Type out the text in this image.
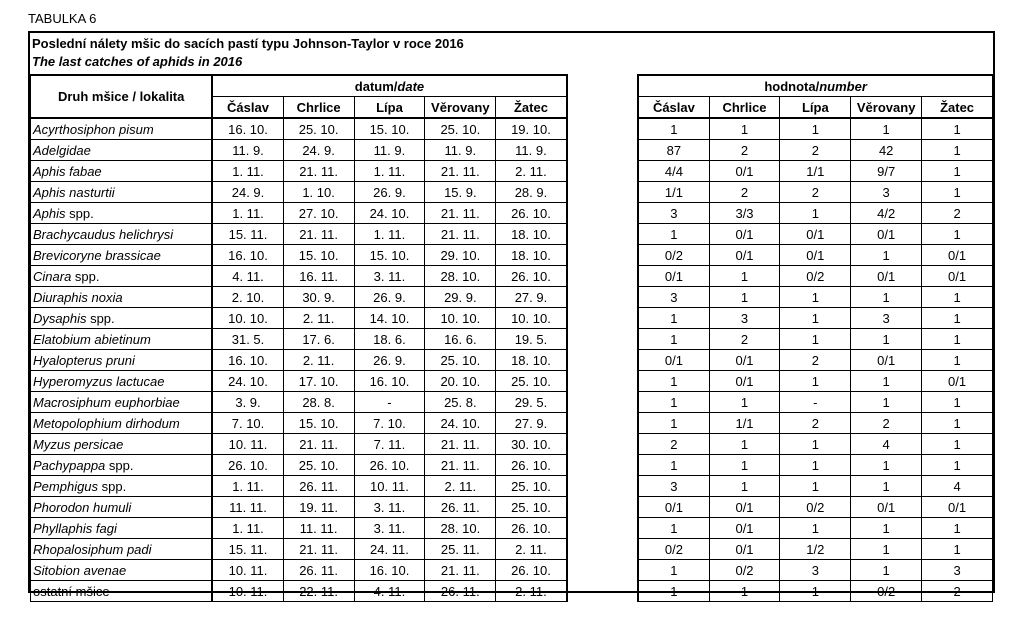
TABULKA 6
Poslední nálety mšic do sacích pastí typu Johnson-Taylor v roce 2016
The last catches of aphids in 2016
Druh mšice / lokalita	datum/date						hodnota/number				
	Čáslav	Chrlice	Lípa	Věrovany	Žatec		Čáslav	Chrlice	Lípa	Věrovany	Žatec
Acyrthosiphon pisum	16. 10.	25. 10.	15. 10.	25. 10.	19. 10.		1	1	1	1	1
Adelgidae	11. 9.	24. 9.	11. 9.	11. 9.	11. 9.		87	2	2	42	1
Aphis fabae	1. 11.	21. 11.	1. 11.	21. 11.	2. 11.		4/4	0/1	1/1	9/7	1
Aphis nasturtii	24. 9.	1. 10.	26. 9.	15. 9.	28. 9.		1/1	2	2	3	1
Aphis spp.	1. 11.	27. 10.	24. 10.	21. 11.	26. 10.		3	3/3	1	4/2	2
Brachycaudus helichrysi	15. 11.	21. 11.	1. 11.	21. 11.	18. 10.		1	0/1	0/1	0/1	1
Brevicoryne brassicae	16. 10.	15. 10.	15. 10.	29. 10.	18. 10.		0/2	0/1	0/1	1	0/1
Cinara spp.	4. 11.	16. 11.	3. 11.	28. 10.	26. 10.		0/1	1	0/2	0/1	0/1
Diuraphis noxia	2. 10.	30. 9.	26. 9.	29. 9.	27. 9.		3	1	1	1	1
Dysaphis spp.	10. 10.	2. 11.	14. 10.	10. 10.	10. 10.		1	3	1	3	1
Elatobium abietinum	31. 5.	17. 6.	18. 6.	16. 6.	19. 5.		1	2	1	1	1
Hyalopterus pruni	16. 10.	2. 11.	26. 9.	25. 10.	18. 10.		0/1	0/1	2	0/1	1
Hyperomyzus lactucae	24. 10.	17. 10.	16. 10.	20. 10.	25. 10.		1	0/1	1	1	0/1
Macrosiphum euphorbiae	3. 9.	28. 8.	-	25. 8.	29. 5.		1	1	-	1	1
Metopolophium dirhodum	7. 10.	15. 10.	7. 10.	24. 10.	27. 9.		1	1/1	2	2	1
Myzus persicae	10. 11.	21. 11.	7. 11.	21. 11.	30. 10.		2	1	1	4	1
Pachypappa spp.	26. 10.	25. 10.	26. 10.	21. 11.	26. 10.		1	1	1	1	1
Pemphigus spp.	1. 11.	26. 11.	10. 11.	2. 11.	25. 10.		3	1	1	1	4
Phorodon humuli	11. 11.	19. 11.	3. 11.	26. 11.	25. 10.		0/1	0/1	0/2	0/1	0/1
Phyllaphis fagi	1. 11.	11. 11.	3. 11.	28. 10.	26. 10.		1	0/1	1	1	1
Rhopalosiphum padi	15. 11.	21. 11.	24. 11.	25. 11.	2. 11.		0/2	0/1	1/2	1	1
Sitobion avenae	10. 11.	26. 11.	16. 10.	21. 11.	26. 10.		1	0/2	3	1	3
ostatní mšice	10. 11.	22. 11.	4. 11.	26. 11.	2. 11.		1	1	1	0/2	2
